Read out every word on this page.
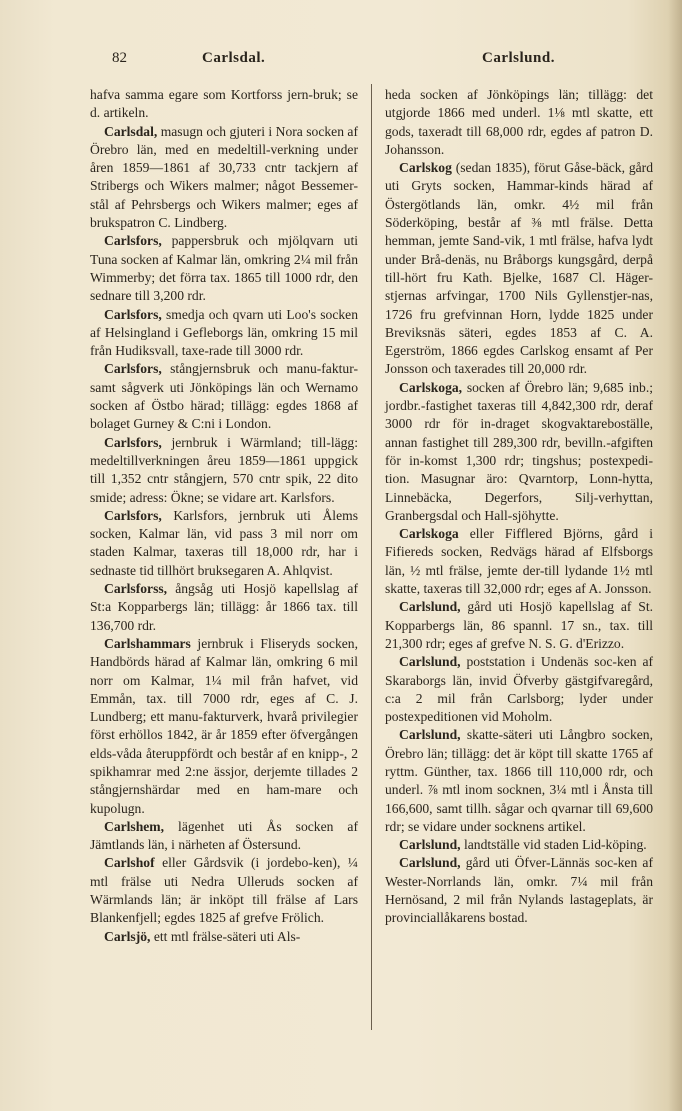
82	Carlsdal.	Carlslund.

hafva samma egare som Kortforss jern-bruk; se d. artikeln.

Carlsdal, masugn och gjuteri i Nora socken af Örebro län, med en medeltill-verkning under åren 1859—1861 af 30,733 cntr tackjern af Stribergs och Wikers malmer; något Bessemer-stål af Pehrsbergs och Wikers malmer; eges af brukspatron C. Lindberg.

Carlsfors, pappersbruk och mjölqvarn uti Tuna socken af Kalmar län, omkring 2¼ mil från Wimmerby; det förra tax. 1865 till 1000 rdr, den sednare till 3,200 rdr.

Carlsfors, smedja och qvarn uti Loo's socken af Helsingland i Gefleborgs län, omkring 15 mil från Hudiksvall, taxe-rade till 3000 rdr.

Carlsfors, stångjernsbruk och manu-faktur- samt sågverk uti Jönköpings län och Wernamo socken af Östbo härad; tillägg: egdes 1868 af bolaget Gurney & C:ni i London.

Carlsfors, jernbruk i Wärmland; till-lägg: medeltillverkningen åreu 1859—1861 uppgick till 1,352 cntr stångjern, 570 cntr spik, 22 dito smide; adress: Ökne; se vidare art. Karlsfors.

Carlsfors, Karlsfors, jernbruk uti Ålems socken, Kalmar län, vid pass 3 mil norr om staden Kalmar, taxeras till 18,000 rdr, har i sednaste tid tillhört bruksegaren A. Ahlqvist.

Carlsforss, ångsåg uti Hosjö kapellslag af St:a Kopparbergs län; tillägg: år 1866 tax. till 136,700 rdr.

Carlshammars jernbruk i Fliseryds socken, Handbörds härad af Kalmar län, omkring 6 mil norr om Kalmar, 1¼ mil från hafvet, vid Emmån, tax. till 7000 rdr, eges af C. J. Lundberg; ett manu-fakturverk, hvarå privilegier först erhöllos 1842, är år 1859 efter öfvergången elds-våda återuppfördt och består af en knipp-, 2 spikhamrar med 2:ne ässjor, derjemte tillades 2 stångjernshärdar med en ham-mare och kupolugn.

Carlshem, lägenhet uti Ås socken af Jämtlands län, i närheten af Östersund.

Carlshof eller Gårdsvik (i jordebo-ken), ¼ mtl frälse uti Nedra Ulleruds socken af Wärmlands län; är inköpt till frälse af Lars Blankenfjell; egdes 1825 af grefve Frölich.

Carlsjö, ett mtl frälse-säteri uti Als-

heda socken af Jönköpings län; tillägg: det utgjorde 1866 med underl. 1⅛ mtl skatte, ett gods, taxeradt till 68,000 rdr, egdes af patron D. Johansson.

Carlskog (sedan 1835), förut Gåse-bäck, gård uti Gryts socken, Hammar-kinds härad af Östergötlands län, omkr. 4½ mil från Söderköping, består af ⅜ mtl frälse. Detta hemman, jemte Sand-vik, 1 mtl frälse, hafva lydt under Brå-denäs, nu Bråborgs kungsgård, derpå till-hört fru Kath. Bjelke, 1687 Cl. Häger-stjernas arfvingar, 1700 Nils Gyllenstjer-nas, 1726 fru grefvinnan Horn, lydde 1825 under Breviksnäs säteri, egdes 1853 af C. A. Egerström, 1866 egdes Carlskog ensamt af Per Jonsson och taxerades till 20,000 rdr.

Carlskoga, socken af Örebro län; 9,685 inb.; jordbr.-fastighet taxeras till 4,842,300 rdr, deraf 3000 rdr för in-draget skogvaktareboställe, annan fastighet till 289,300 rdr, bevilln.-afgiften för in-komst 1,300 rdr; tingshus; postexpedi-tion. Masugnar äro: Qvarntorp, Lonn-hytta, Linnebäcka, Degerfors, Silj-verhyttan, Granbergsdal och Hall-sjöhytte.

Carlskoga eller Fifflered Björns, gård i Fifiereds socken, Redvägs härad af Elfsborgs län, ½ mtl frälse, jemte der-till lydande 1½ mtl skatte, taxeras till 32,000 rdr; eges af A. Jonsson.

Carlslund, gård uti Hosjö kapellslag af St. Kopparbergs län, 86 spannl. 17 sn., tax. till 21,300 rdr; eges af grefve N. S. G. d'Erizzo.

Carlslund, poststation i Undenäs soc-ken af Skaraborgs län, invid Öfverby gästgifvaregård, c:a 2 mil från Carlsborg; lyder under postexpeditionen vid Moholm.

Carlslund, skatte-säteri uti Långbro socken, Örebro län; tillägg: det är köpt till skatte 1765 af ryttm. Günther, tax. 1866 till 110,000 rdr, och underl. ⅞ mtl inom socknen, 3¼ mtl i Ånsta till 166,600, samt tillh. sågar och qvarnar till 69,600 rdr; se vidare under socknens artikel.

Carlslund, landtställe vid staden Lid-köping.

Carlslund, gård uti Öfver-Lännäs soc-ken af Wester-Norrlands län, omkr. 7¼ mil från Hernösand, 2 mil från Nylands lastageplats, är provinciallåkarens bostad.
